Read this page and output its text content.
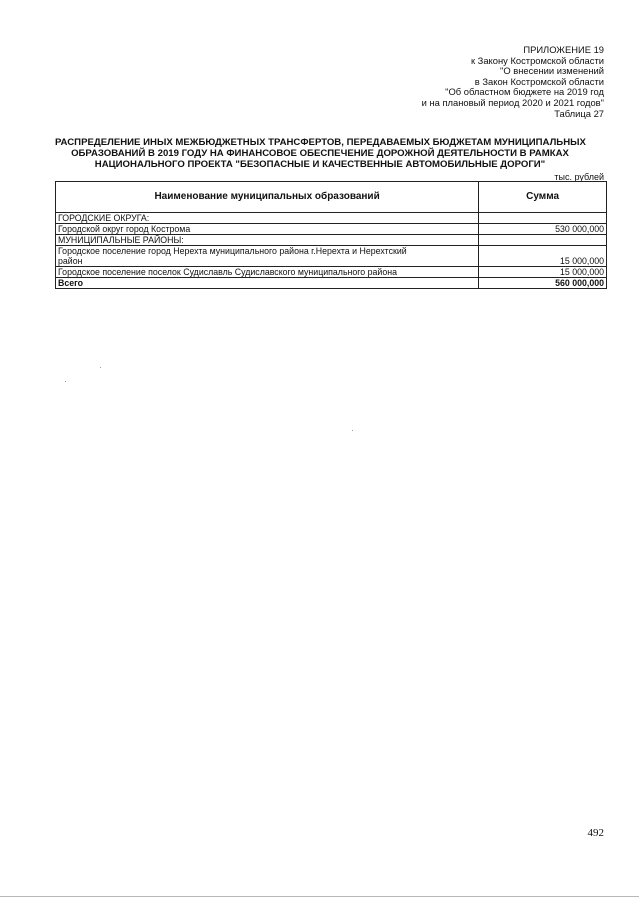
ПРИЛОЖЕНИЕ 19
к Закону Костромской области
"О внесении изменений
в Закон Костромской области
"Об областном бюджете на 2019 год
и на плановый период 2020 и 2021 годов"
Таблица 27
РАСПРЕДЕЛЕНИЕ ИНЫХ МЕЖБЮДЖЕТНЫХ ТРАНСФЕРТОВ, ПЕРЕДАВАЕМЫХ БЮДЖЕТАМ МУНИЦИПАЛЬНЫХ
ОБРАЗОВАНИЙ В 2019 ГОДУ НА ФИНАНСОВОЕ ОБЕСПЕЧЕНИЕ ДОРОЖНОЙ ДЕЯТЕЛЬНОСТИ В РАМКАХ
НАЦИОНАЛЬНОГО ПРОЕКТА "БЕЗОПАСНЫЕ И КАЧЕСТВЕННЫЕ АВТОМОБИЛЬНЫЕ ДОРОГИ"
тыс. рублей
Наименование муниципальных образований	Сумма
ГОРОДСКИЕ ОКРУГА:	
Городской округ город Кострома	530 000,000
МУНИЦИПАЛЬНЫЕ РАЙОНЫ:	
Городское поселение город Нерехта муниципального района г.Нерехта и Нерехтский
район	15 000,000
Городское поселение поселок Судиславль Судиславского муниципального района	15 000,000
Всего	560 000,000
492
